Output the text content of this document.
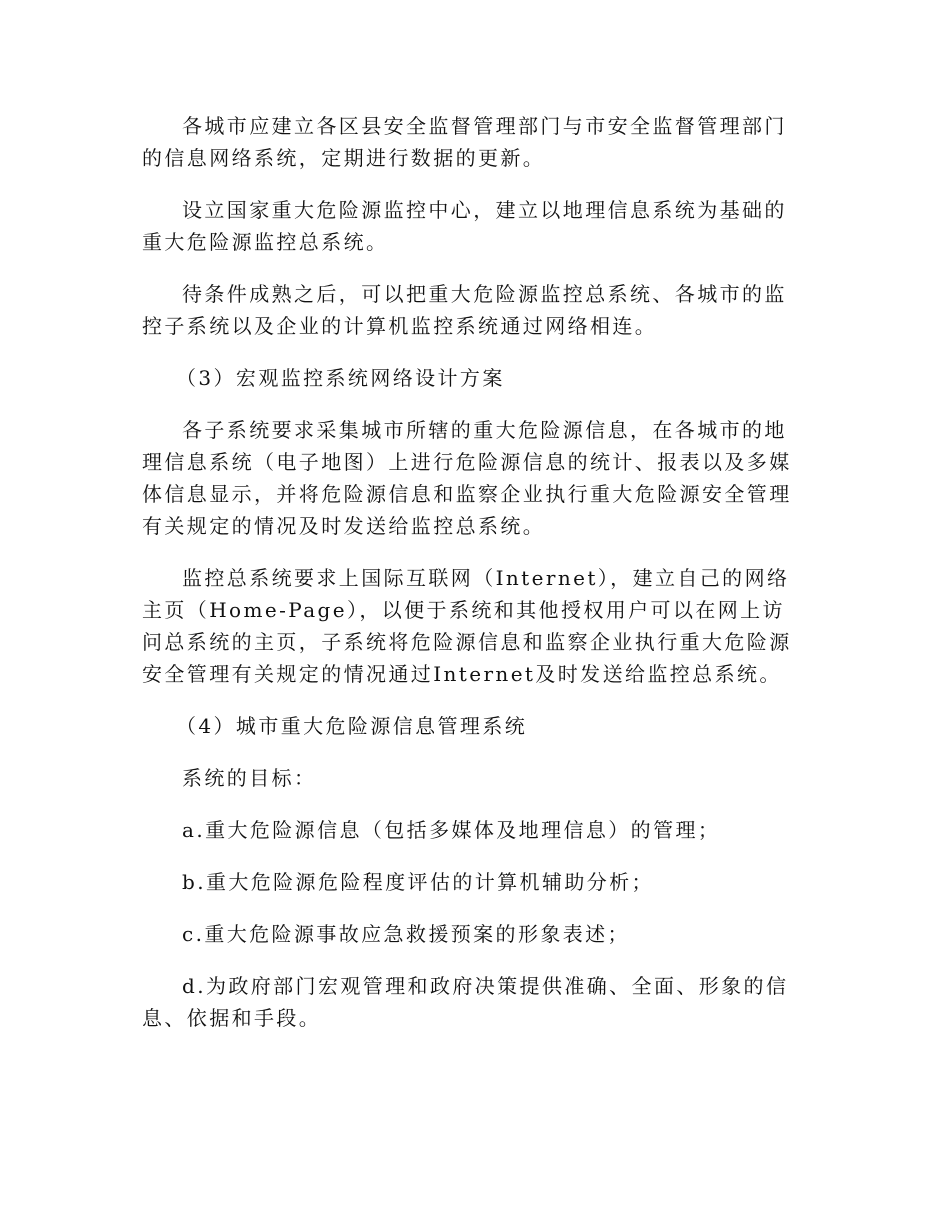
各城市应建立各区县安全监督管理部门与市安全监督管理部门的信息网络系统，定期进行数据的更新。

设立国家重大危险源监控中心，建立以地理信息系统为基础的重大危险源监控总系统。

待条件成熟之后，可以把重大危险源监控总系统、各城市的监控子系统以及企业的计算机监控系统通过网络相连。

（3）宏观监控系统网络设计方案

各子系统要求采集城市所辖的重大危险源信息，在各城市的地理信息系统（电子地图）上进行危险源信息的统计、报表以及多媒体信息显示，并将危险源信息和监察企业执行重大危险源安全管理有关规定的情况及时发送给监控总系统。

监控总系统要求上国际互联网（Internet），建立自己的网络主页（Home-Page），以便于系统和其他授权用户可以在网上访问总系统的主页，子系统将危险源信息和监察企业执行重大危险源安全管理有关规定的情况通过Internet及时发送给监控总系统。

（4）城市重大危险源信息管理系统

系统的目标：

a.重大危险源信息（包括多媒体及地理信息）的管理；

b.重大危险源危险程度评估的计算机辅助分析；

c.重大危险源事故应急救援预案的形象表述；

d.为政府部门宏观管理和政府决策提供准确、全面、形象的信息、依据和手段。
